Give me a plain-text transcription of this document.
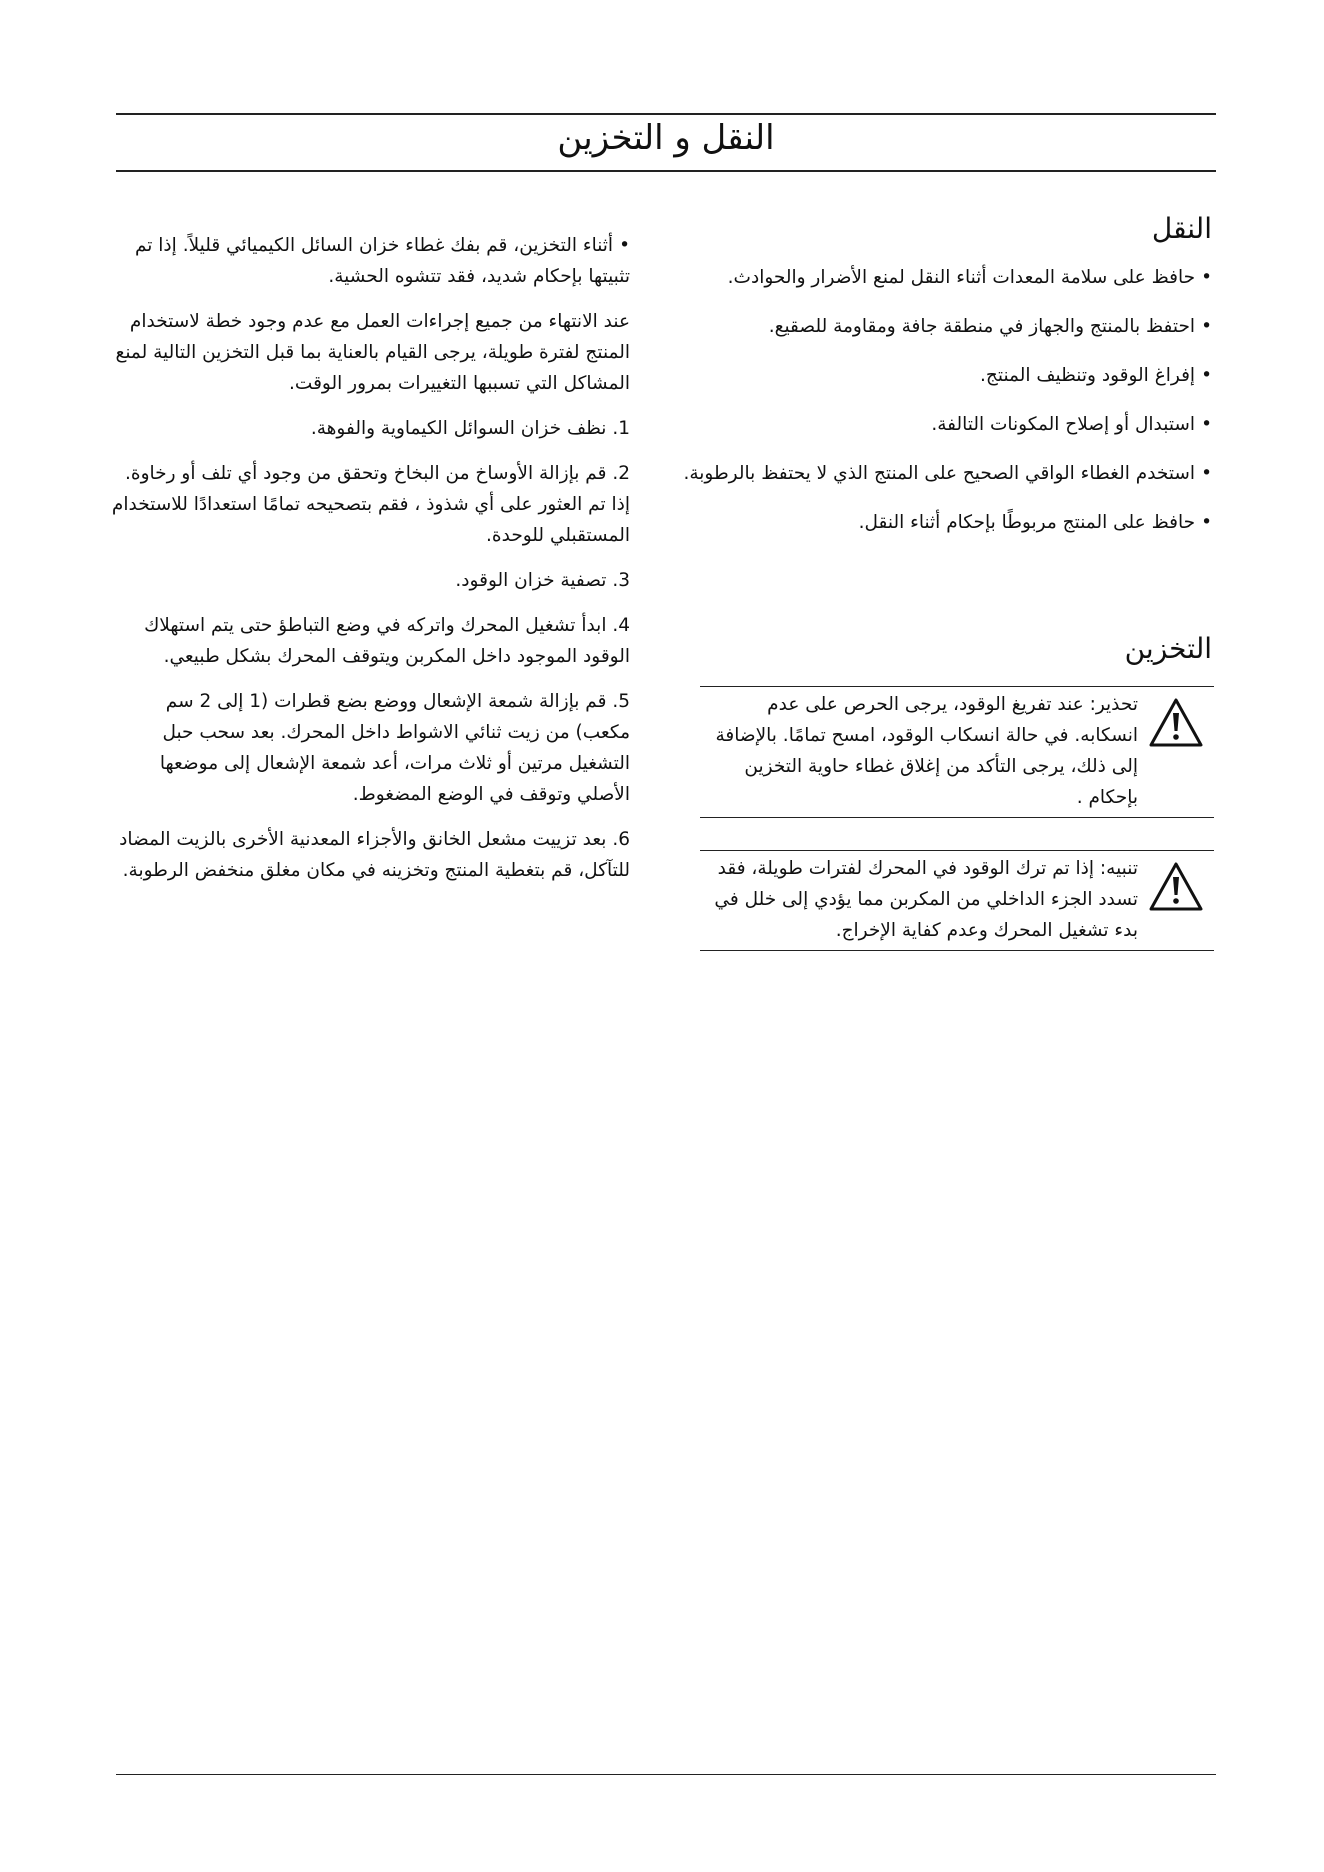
النقل و التخزين
النقل
•حافظ على سلامة المعدات أثناء النقل لمنع الأضرار والحوادث.
•احتفظ بالمنتج والجهاز في منطقة جافة ومقاومة للصقيع.
•إفراغ الوقود وتنظيف المنتج.
•استبدال أو إصلاح المكونات التالفة.
•استخدم الغطاء الواقي الصحيح على المنتج الذي لا يحتفظ بالرطوبة.
•حافظ على المنتج مربوطًا بإحكام أثناء النقل.
التخزين
تحذير: عند تفريغ الوقود، يرجى الحرص على عدم انسكابه. في حالة انسكاب الوقود، امسح تمامًا. بالإضافة إلى ذلك، يرجى التأكد من إغلاق غطاء حاوية التخزين بإحكام .
تنبيه: إذا تم ترك الوقود في المحرك لفترات طويلة، فقد تسدد الجزء الداخلي من المكربن مما يؤدي إلى خلل في بدء تشغيل المحرك وعدم كفاية الإخراج.

•أثناء التخزين، قم بفك غطاء خزان السائل الكيميائي قليلاً. إذا تم تثبيتها بإحكام شديد، فقد تتشوه الحشية.

عند الانتهاء من جميع إجراءات العمل مع عدم وجود خطة لاستخدام المنتج لفترة طويلة، يرجى القيام بالعناية بما قبل التخزين التالية لمنع المشاكل التي تسببها التغييرات بمرور الوقت.

1. نظف خزان السوائل الكيماوية والفوهة.

2. قم بإزالة الأوساخ من البخاخ وتحقق من وجود أي تلف أو رخاوة. إذا تم العثور على أي شذوذ ، فقم بتصحيحه تمامًا استعدادًا للاستخدام المستقبلي للوحدة.

3. تصفية خزان الوقود.

4. ابدأ تشغيل المحرك واتركه في وضع التباطؤ حتى يتم استهلاك الوقود الموجود داخل المكربن ويتوقف المحرك بشكل طبيعي.

5. قم بإزالة شمعة الإشعال ووضع بضع قطرات (1 إلى 2 سم مكعب) من زيت ثنائي الاشواط داخل المحرك. بعد سحب حبل التشغيل مرتين أو ثلاث مرات، أعد شمعة الإشعال إلى موضعها الأصلي وتوقف في الوضع المضغوط.

6. بعد تزييت مشعل الخانق والأجزاء المعدنية الأخرى بالزيت المضاد للتآكل، قم بتغطية المنتج وتخزينه في مكان مغلق منخفض الرطوبة.
